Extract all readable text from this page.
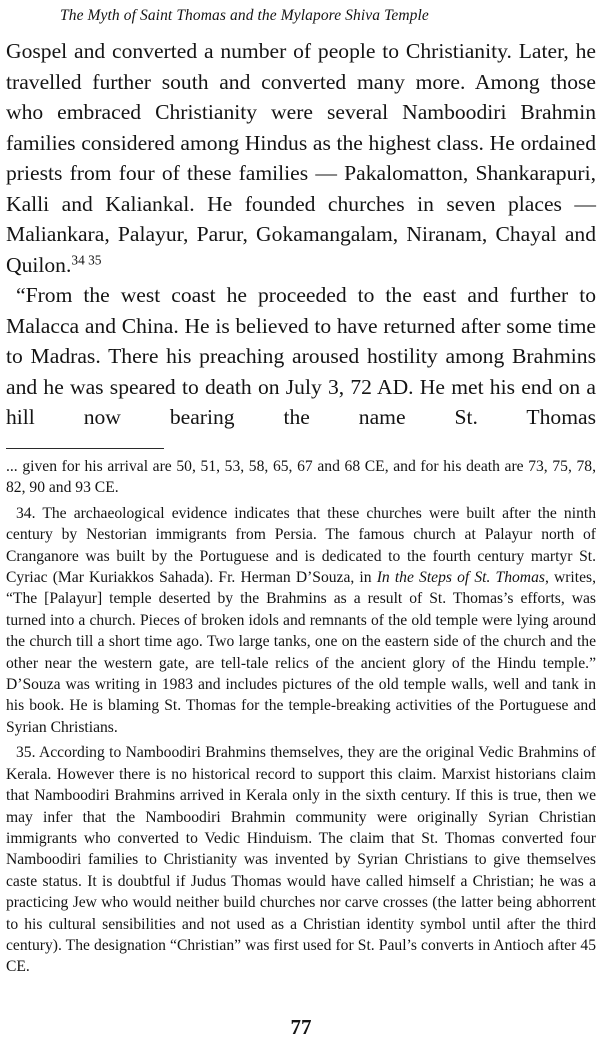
The Myth of Saint Thomas and the Mylapore Shiva Temple

Gospel and converted a number of people to Christianity. Later, he travelled further south and converted many more. Among those who embraced Christianity were several Namboodiri Brahmin families considered among Hindus as the highest class. He ordained priests from four of these families — Pakalomatton, Shankarapuri, Kalli and Kaliankal. He founded churches in seven places — Maliankara, Palayur, Parur, Gokamangalam, Niranam, Chayal and Quilon.$^{34 35}$

“From the west coast he proceeded to the east and further to Malacca and China. He is believed to have returned after some time to Madras. There his preaching aroused hostility among Brahmins and he was speared to death on July 3, 72 AD. He met his end on a hill now bearing the name St. Thomas

... given for his arrival are 50, 51, 53, 58, 65, 67 and 68 CE, and for his death are 73, 75, 78, 82, 90 and 93 CE.

34. The archaeological evidence indicates that these churches were built after the ninth century by Nestorian immigrants from Persia. The famous church at Palayur north of Cranganore was built by the Portuguese and is dedicated to the fourth century martyr St. Cyriac (Mar Kuriakkos Sahada). Fr. Herman D’Souza, in In the Steps of St. Thomas, writes, “The [Palayur] temple deserted by the Brahmins as a result of St. Thomas’s efforts, was turned into a church. Pieces of broken idols and remnants of the old temple were lying around the church till a short time ago. Two large tanks, one on the eastern side of the church and the other near the western gate, are tell-tale relics of the ancient glory of the Hindu temple.” D’Souza was writing in 1983 and includes pictures of the old temple walls, well and tank in his book. He is blaming St. Thomas for the temple-breaking activities of the Portuguese and Syrian Christians.

35. According to Namboodiri Brahmins themselves, they are the original Vedic Brahmins of Kerala. However there is no historical record to support this claim. Marxist historians claim that Namboodiri Brahmins arrived in Kerala only in the sixth century. If this is true, then we may infer that the Namboodiri Brahmin community were originally Syrian Christian immigrants who converted to Vedic Hinduism. The claim that St. Thomas converted four Namboodiri families to Christianity was invented by Syrian Christians to give themselves caste status. It is doubtful if Judus Thomas would have called himself a Christian; he was a practicing Jew who would neither build churches nor carve crosses (the latter being abhorrent to his cultural sensibilities and not used as a Christian identity symbol until after the third century). The designation “Christian” was first used for St. Paul’s converts in Antioch after 45 CE.

77
